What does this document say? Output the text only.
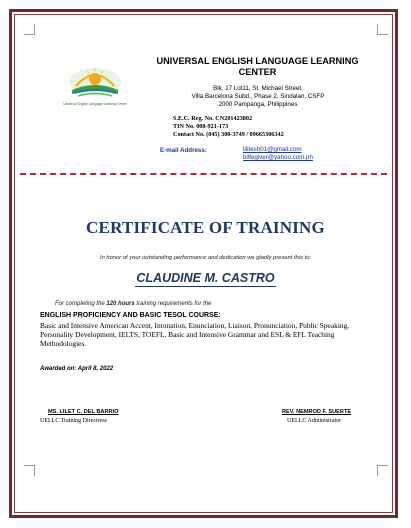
Universal English Language Learning Center
UNIVERSAL ENGLISH LANGUAGE LEARNING CENTER
Blk. 17 Lot11, St. Michael Street,
Villa Barcelona Subd., Phase 2, Sindalan, CSFP
2000 Pampanga, Philippines
S.E.C. Reg. No. CN201423802
TIN No. 008-921-173
Contact No. (045) 300-3749 / 09665306342
E-mail Address:	lilitesh01@gmail.com
bilfegiver@yahoo.com.ph
CERTIFICATE OF TRAINING
In honor of your outstanding performance and dedication we gladly present this to:
CLAUDINE M. CASTRO
For completing the 120 hours training requirements for the
ENGLISH PROFICIENCY AND BASIC TESOL COURSE:
Basic and Intensive American Accent, Intonation, Enunciation, Liaison, Pronunciation, Public Speaking, Personality Development, IELTS, TOEFL, Basic and Intensive Grammar and ESL & EFL Teaching Methodologies.
Awarded on: April 8, 2022
MS. LILET C. DEL BARRIO
UELLC Training Directress
REV. NEMROD F. SUERTE
UELLC Administrator
